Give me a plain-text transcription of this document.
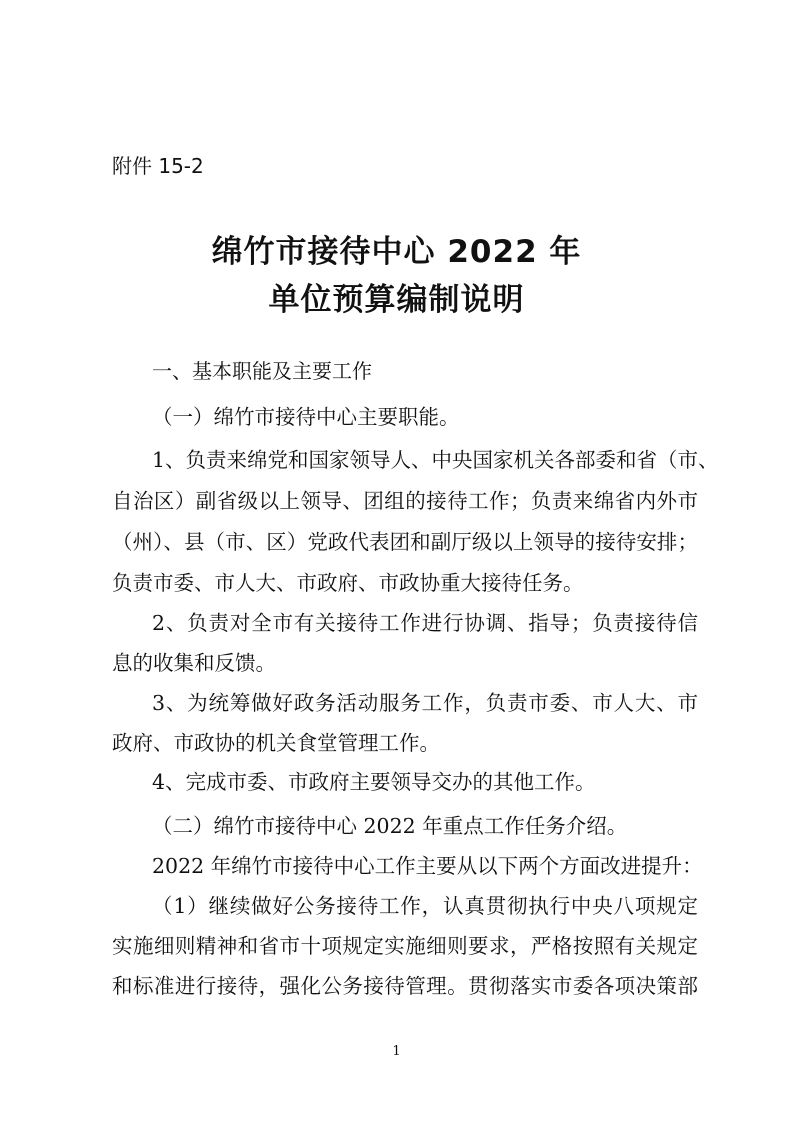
附件 15-2
绵竹市接待中心 2022 年
单位预算编制说明
一、基本职能及主要工作
（一）绵竹市接待中心主要职能。
1、负责来绵党和国家领导人、中央国家机关各部委和省（市、
自治区）副省级以上领导、团组的接待工作；负责来绵省内外市
（州）、县（市、区）党政代表团和副厅级以上领导的接待安排；
负责市委、市人大、市政府、市政协重大接待任务。
2、负责对全市有关接待工作进行协调、指导；负责接待信
息的收集和反馈。
3、为统筹做好政务活动服务工作，负责市委、市人大、市
政府、市政协的机关食堂管理工作。
4、完成市委、市政府主要领导交办的其他工作。
（二）绵竹市接待中心 2022 年重点工作任务介绍。
2022 年绵竹市接待中心工作主要从以下两个方面改进提升：
（1）继续做好公务接待工作，认真贯彻执行中央八项规定
实施细则精神和省市十项规定实施细则要求，严格按照有关规定
和标准进行接待，强化公务接待管理。贯彻落实市委各项决策部
1
